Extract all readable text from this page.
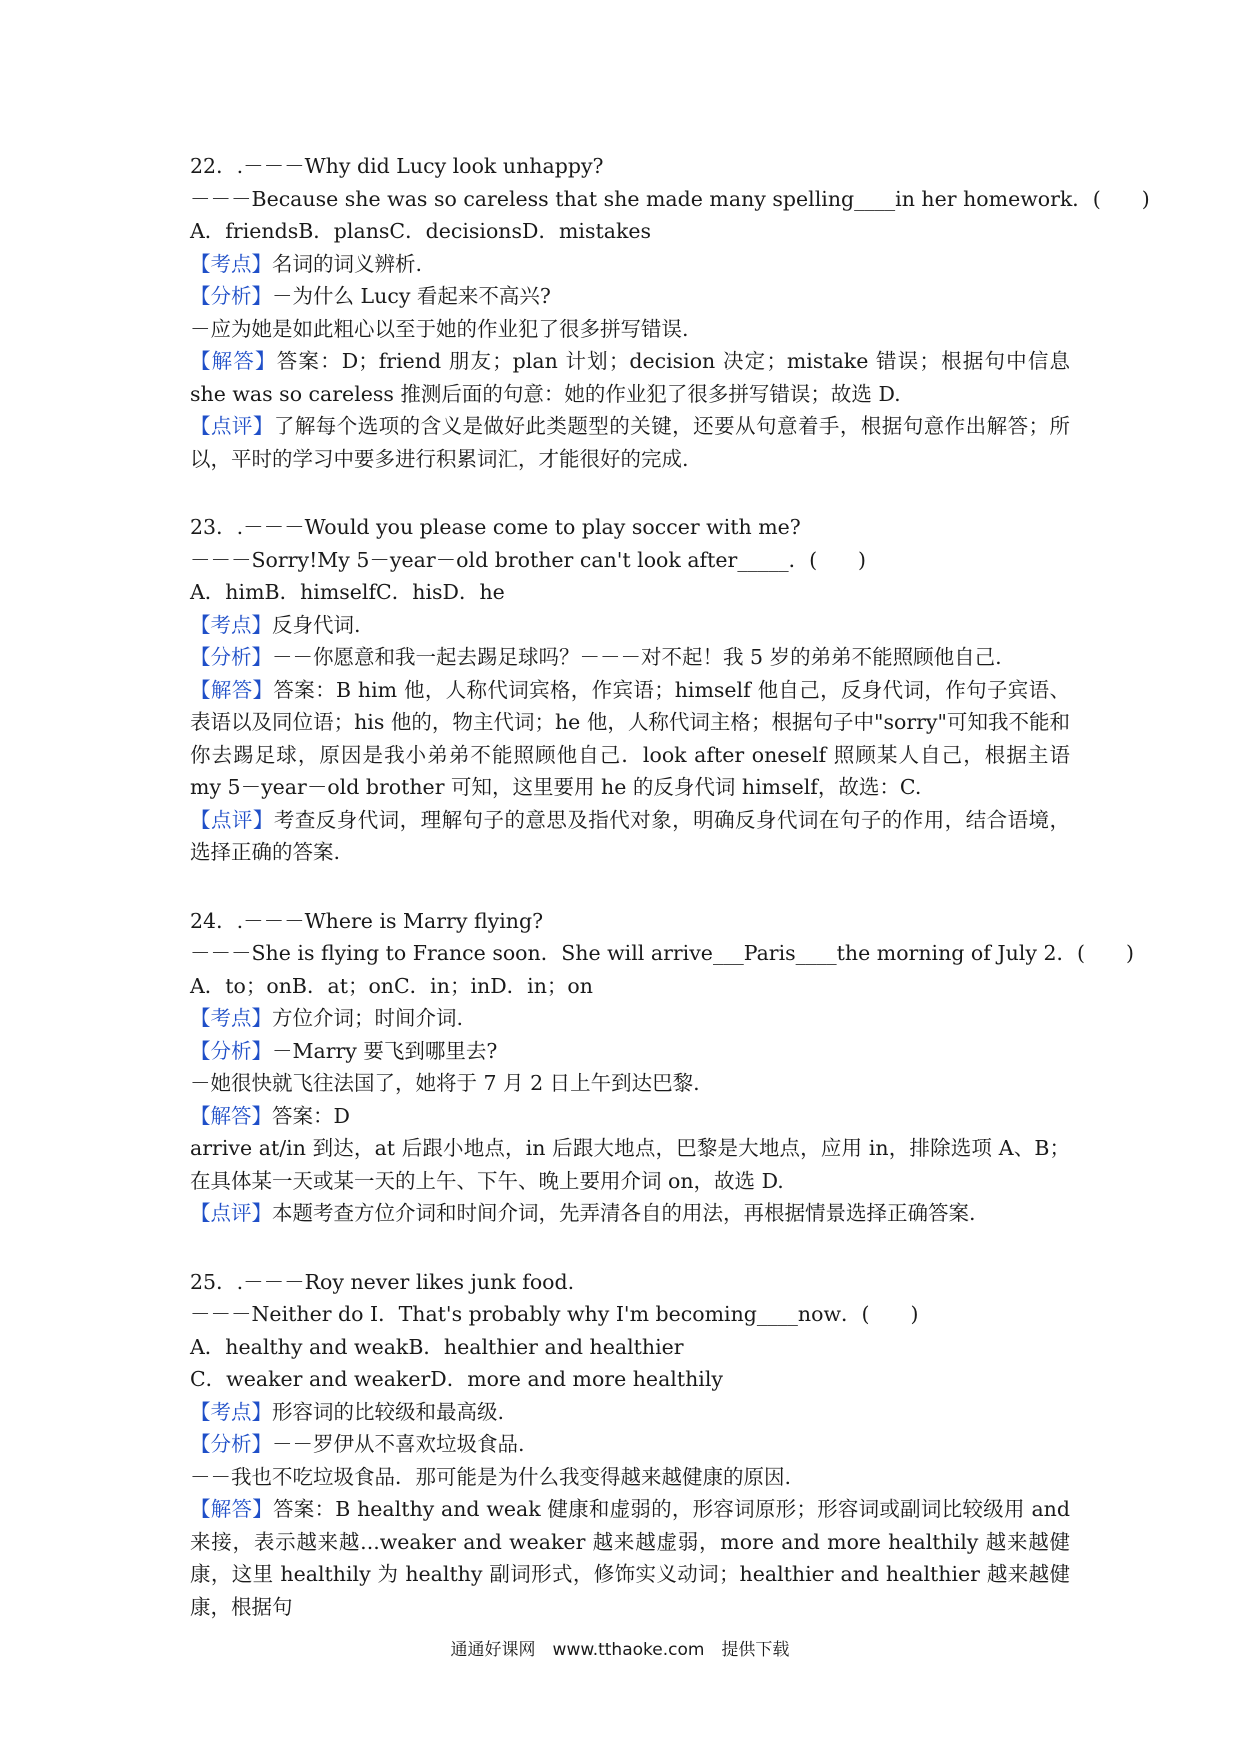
22．.－－－Why did Lucy look unhappy?
－－－Because she was so careless that she made many spelling____in her homework．(　　)
A．friendsB．plansC．decisionsD．mistakes
【考点】名词的词义辨析.
【分析】－为什么 Lucy 看起来不高兴?
－应为她是如此粗心以至于她的作业犯了很多拼写错误.
【解答】答案：D；friend 朋友；plan 计划；decision 决定；mistake 错误；根据句中信息 she was so careless 推测后面的句意：她的作业犯了很多拼写错误；故选 D.
【点评】了解每个选项的含义是做好此类题型的关键，还要从句意着手，根据句意作出解答；所以，平时的学习中要多进行积累词汇，才能很好的完成.
23．.－－－Would you please come to play soccer with me?
－－－Sorry!My 5－year－old brother can't look after_____．(　　)
A．himB．himselfC．hisD．he
【考点】反身代词.
【分析】－－你愿意和我一起去踢足球吗？－－－对不起！我 5 岁的弟弟不能照顾他自己.
【解答】答案：B him 他，人称代词宾格，作宾语；himself 他自己，反身代词，作句子宾语、表语以及同位语；his 他的，物主代词；he 他，人称代词主格；根据句子中"sorry"可知我不能和你去踢足球，原因是我小弟弟不能照顾他自己．look after oneself 照顾某人自己，根据主语 my 5－year－old brother 可知，这里要用 he 的反身代词 himself，故选：C.
【点评】考查反身代词，理解句子的意思及指代对象，明确反身代词在句子的作用，结合语境，选择正确的答案.
24．.－－－Where is Marry flying?
－－－She is flying to France soon．She will arrive___Paris____the morning of July 2．(　　)
A．to；onB．at；onC．in；inD．in；on
【考点】方位介词；时间介词.
【分析】－Marry 要飞到哪里去?
－她很快就飞往法国了，她将于 7 月 2 日上午到达巴黎.
【解答】答案：D
arrive at/in 到达，at 后跟小地点，in 后跟大地点，巴黎是大地点，应用 in，排除选项 A、B；在具体某一天或某一天的上午、下午、晚上要用介词 on，故选 D.
【点评】本题考查方位介词和时间介词，先弄清各自的用法，再根据情景选择正确答案.
25．.－－－Roy never likes junk food.
－－－Neither do I．That's probably why I'm becoming____now．(　　)
A．healthy and weakB．healthier and healthier
C．weaker and weakerD．more and more healthily
【考点】形容词的比较级和最高级.
【分析】－－罗伊从不喜欢垃圾食品.
－－我也不吃垃圾食品．那可能是为什么我变得越来越健康的原因.
【解答】答案：B healthy and weak 健康和虚弱的，形容词原形；形容词或副词比较级用 and 来接，表示越来越...weaker and weaker 越来越虚弱，more and more healthily 越来越健康，这里 healthily 为 healthy 副词形式，修饰实义动词；healthier and healthier 越来越健康，根据句
通通好课网　www.tthaoke.com　提供下载
